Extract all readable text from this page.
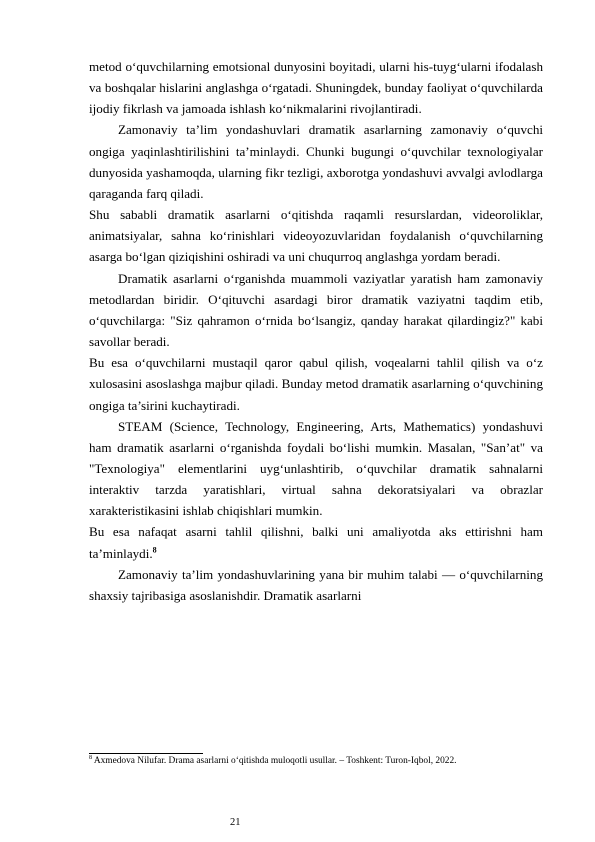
metod o‘quvchilarning emotsional dunyosini boyitadi, ularni his-tuyg‘ularni ifodalash va boshqalar hislarini anglashga o‘rgatadi. Shuningdek, bunday faoliyat o‘quvchilarda ijodiy fikrlash va jamoada ishlash ko‘nikmalarini rivojlantiradi.

Zamonaviy ta’lim yondashuvlari dramatik asarlarning zamonaviy o‘quvchi ongiga yaqinlashtirilishini ta’minlaydi. Chunki bugungi o‘quvchilar texnologiyalar dunyosida yashamoqda, ularning fikr tezligi, axborotga yondashuvi avvalgi avlodlarga qaraganda farq qiladi.

Shu sababli dramatik asarlarni o‘qitishda raqamli resurslardan, videoroliklar, animatsiyalar, sahna ko‘rinishlari videoyozuvlaridan foydalanish o‘quvchilarning asarga bo‘lgan qiziqishini oshiradi va uni chuqurroq anglashga yordam beradi.

Dramatik asarlarni o‘rganishda muammoli vaziyatlar yaratish ham zamonaviy metodlardan biridir. O‘qituvchi asardagi biror dramatik vaziyatni taqdim etib, o‘quvchilarga: "Siz qahramon o‘rnida bo‘lsangiz, qanday harakat qilardingiz?" kabi savollar beradi.

Bu esa o‘quvchilarni mustaqil qaror qabul qilish, voqealarni tahlil qilish va o‘z xulosasini asoslashga majbur qiladi. Bunday metod dramatik asarlarning o‘quvchining ongiga ta’sirini kuchaytiradi.

STEAM (Science, Technology, Engineering, Arts, Mathematics) yondashuvi ham dramatik asarlarni o‘rganishda foydali bo‘lishi mumkin. Masalan, "San’at" va "Texnologiya" elementlarini uyg‘unlashtirib, o‘quvchilar dramatik sahnalarni interaktiv tarzda yaratishlari, virtual sahna dekoratsiyalari va obrazlar xarakteristikasini ishlab chiqishlari mumkin.

Bu esa nafaqat asarni tahlil qilishni, balki uni amaliyotda aks ettirishni ham ta’minlaydi.$^8$

Zamonaviy ta’lim yondashuvlarining yana bir muhim talabi — o‘quvchilarning shaxsiy tajribasiga asoslanishdir. Dramatik asarlarni

$^8$ Axmedova Nilufar. Drama asarlarni o‘qitishda muloqotli usullar. – Toshkent: Turon-Iqbol, 2022.
21
